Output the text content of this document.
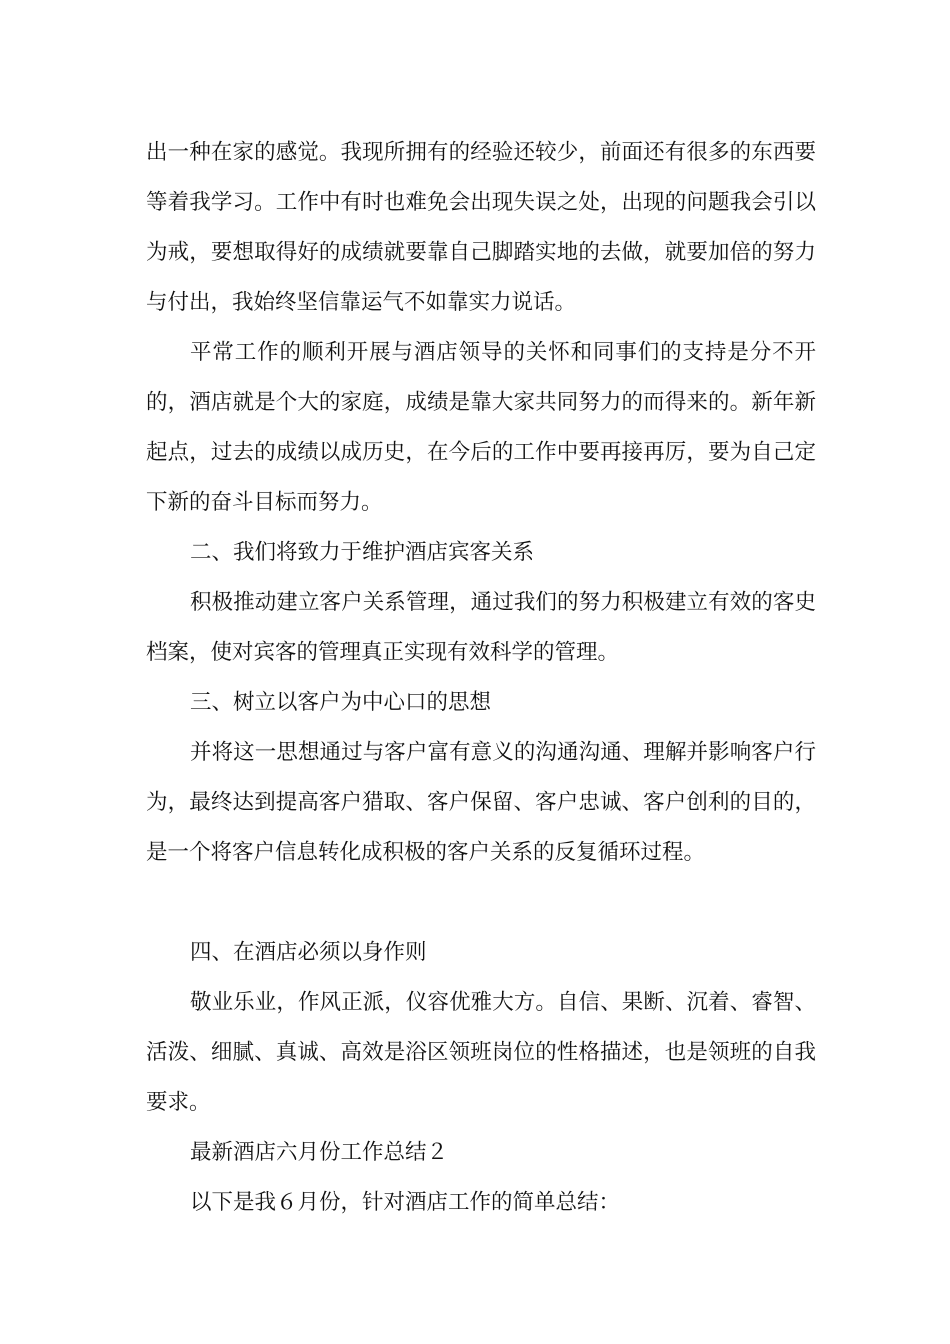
出一种在家的感觉。我现所拥有的经验还较少，前面还有很多的东西要等着我学习。工作中有时也难免会出现失误之处，出现的问题我会引以为戒，要想取得好的成绩就要靠自己脚踏实地的去做，就要加倍的努力与付出，我始终坚信靠运气不如靠实力说话。

平常工作的顺利开展与酒店领导的关怀和同事们的支持是分不开的，酒店就是个大的家庭，成绩是靠大家共同努力的而得来的。新年新起点，过去的成绩以成历史，在今后的工作中要再接再厉，要为自己定下新的奋斗目标而努力。

二、我们将致力于维护酒店宾客关系

积极推动建立客户关系管理，通过我们的努力积极建立有效的客史档案，使对宾客的管理真正实现有效科学的管理。

三、树立以客户为中心口的思想

并将这一思想通过与客户富有意义的沟通沟通、理解并影响客户行为，最终达到提高客户猎取、客户保留、客户忠诚、客户创利的目的，是一个将客户信息转化成积极的客户关系的反复循环过程。

四、在酒店必须以身作则

敬业乐业，作风正派，仪容优雅大方。自信、果断、沉着、睿智、活泼、细腻、真诚、高效是浴区领班岗位的性格描述，也是领班的自我要求。

最新酒店六月份工作总结２

以下是我６月份，针对酒店工作的简单总结：
